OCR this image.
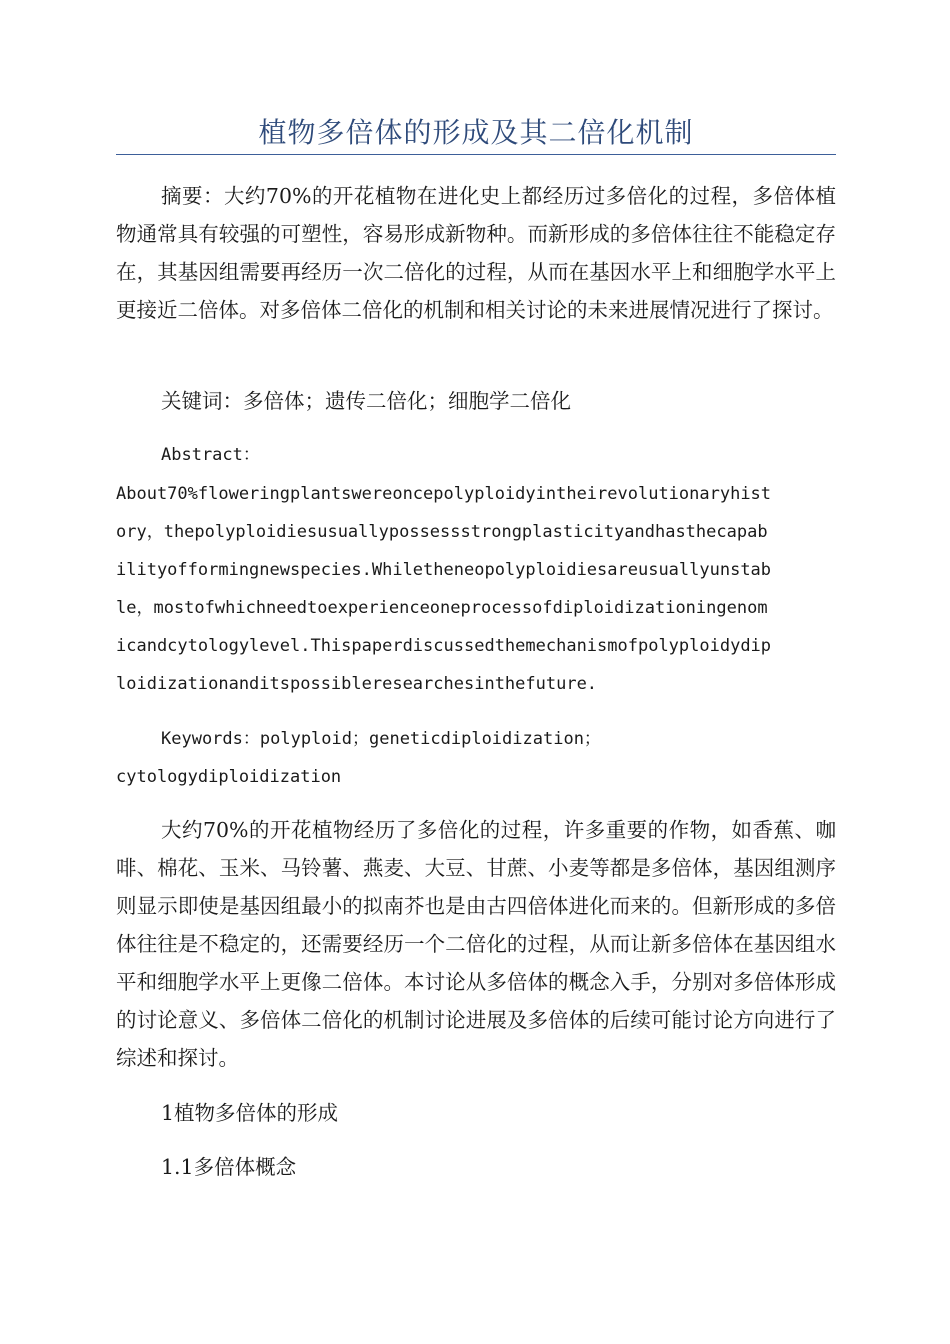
植物多倍体的形成及其二倍化机制

摘要：大约70%的开花植物在进化史上都经历过多倍化的过程，多倍体植物通常具有较强的可塑性，容易形成新物种。而新形成的多倍体往往不能稳定存在，其基因组需要再经历一次二倍化的过程，从而在基因水平上和细胞学水平上更接近二倍体。对多倍体二倍化的机制和相关讨论的未来进展情况进行了探讨。

关键词：多倍体；遗传二倍化；细胞学二倍化

Abstract：
About70%floweringplantswereoncepolyploidyintheirevolutionaryhist
ory，thepolyploidiesusuallypossessstrongplasticityandhasthecapab
ilityofformingnewspecies.Whiletheneopolyploidiesareusuallyunstab
le，mostofwhichneedtoexperienceoneprocessofdiploidizationingenom
icandcytologylevel.Thispaperdiscussedthemechanismofpolyploidydip
loidizationanditspossibleresearchesinthefuture.
Keywords：polyploid；geneticdiploidization；
cytologydiploidization

大约70%的开花植物经历了多倍化的过程，许多重要的作物，如香蕉、咖啡、棉花、玉米、马铃薯、燕麦、大豆、甘蔗、小麦等都是多倍体，基因组测序则显示即使是基因组最小的拟南芥也是由古四倍体进化而来的。但新形成的多倍体往往是不稳定的，还需要经历一个二倍化的过程，从而让新多倍体在基因组水平和细胞学水平上更像二倍体。本讨论从多倍体的概念入手，分别对多倍体形成的讨论意义、多倍体二倍化的机制讨论进展及多倍体的后续可能讨论方向进行了综述和探讨。

1植物多倍体的形成

1.1多倍体概念
